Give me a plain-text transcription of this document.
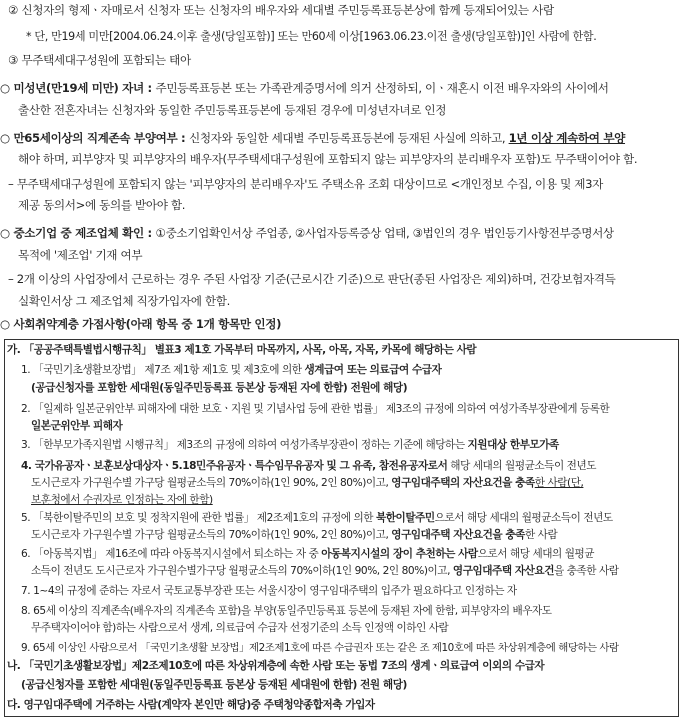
② 신청자의 형제ㆍ자매로서 신청자 또는 신청자의 배우자와 세대별 주민등록표등본상에 함께 등재되어있는 사람
* 단, 만19세 미만[2004.06.24.이후 출생(당일포함)] 또는 만60세 이상[1963.06.23.이전 출생(당일포함)]인 사람에 한함.
③ 무주택세대구성원에 포함되는 태아
○ 미성년(만19세 미만) 자녀 : 주민등록표등본 또는 가족관계증명서에 의거 산정하되, 이ㆍ재혼시 이전 배우자와의 사이에서
출산한 전혼자녀는 신청자와 동일한 주민등록표등본에 등재된 경우에 미성년자녀로 인정
○ 만65세이상의 직계존속 부양여부 : 신청자와 동일한 세대별 주민등록표등본에 등재된 사실에 의하고, 1년 이상 계속하여 부양
해야 하며, 피부양자 및 피부양자의 배우자(무주택세대구성원에 포함되지 않는 피부양자의 분리배우자 포함)도 무주택이어야 함.
– 무주택세대구성원에 포함되지 않는 '피부양자의 분리배우자'도 주택소유 조회 대상이므로 <개인정보 수집, 이용 및 제3자
제공 동의서>에 동의를 받아야 함.
○ 중소기업 중 제조업체 확인 : ①중소기업확인서상 주업종, ②사업자등록증상 업태, ③법인의 경우 법인등기사항전부증명서상
목적에 '제조업' 기재 여부
– 2개 이상의 사업장에서 근로하는 경우 주된 사업장 기준(근로시간 기준)으로 판단(종된 사업장은 제외)하며, 건강보험자격득
실확인서상 그 제조업체 직장가입자에 한함.
○ 사회취약계층 가점사항(아래 항목 중 1개 항목만 인정)
가. 「공공주택특별법시행규칙」 별표3 제1호 가목부터 마목까지, 사목, 아목, 자목, 카목에 해당하는 사람
1. 「국민기초생활보장법」 제7조 제1항 제1호 및 제3호에 의한 생계급여 또는 의료급여 수급자
(공급신청자를 포함한 세대원(동일주민등록표 등본상 등재된 자에 한함) 전원에 해당)
2. 「일제하 일본군위안부 피해자에 대한 보호ㆍ지원 및 기념사업 등에 관한 법률」 제3조의 규정에 의하여 여성가족부장관에게 등록한
일본군위안부 피해자
3. 「한부모가족지원법 시행규칙」 제3조의 규정에 의하여 여성가족부장관이 정하는 기준에 해당하는 지원대상 한부모가족
4. 국가유공자ㆍ보훈보상대상자ㆍ5.18민주유공자ㆍ특수임무유공자 및 그 유족, 참전유공자로서 해당 세대의 월평균소득이 전년도
도시근로자 가구원수별 가구당 월평균소득의 70%이하(1인 90%, 2인 80%)이고, 영구임대주택의 자산요건을 충족한 사람(단,
보훈청에서 수권자로 인정하는 자에 한함)
5. 「북한이탈주민의 보호 및 정착지원에 관한 법률」 제2조제1호의 규정에 의한 북한이탈주민으로서 해당 세대의 월평균소득이 전년도
도시근로자 가구원수별 가구당 월평균소득의 70%이하(1인 90%, 2인 80%)이고, 영구임대주택 자산요건을 충족한 사람
6. 「아동복지법」 제16조에 따라 아동복지시설에서 퇴소하는 자 중 아동복지시설의 장이 추천하는 사람으로서 해당 세대의 월평균
소득이 전년도 도시근로자 가구원수별가구당 월평균소득의 70%이하(1인 90%, 2인 80%)이고, 영구임대주택 자산요건을 충족한 사람
7. 1~4의 규정에 준하는 자로서 국토교통부장관 또는 서울시장이 영구임대주택의 입주가 필요하다고 인정하는 자
8. 65세 이상의 직계존속(배우자의 직계존속 포함)을 부양(동일주민등록표 등본에 등재된 자에 한함, 피부양자의 배우자도
무주택자이어야 함)하는 사람으로서 생계, 의료급여 수급자 선정기준의 소득 인정액 이하인 사람
9. 65세 이상인 사람으로서 「국민기초생활 보장법」제2조제1호에 따른 수급권자 또는 같은 조 제10호에 따른 차상위계층에 해당하는 사람
나. 「국민기초생활보장법」제2조제10호에 따른 차상위계층에 속한 사람 또는 동법 7조의 생계ㆍ의료급여 이외의 수급자
(공급신청자를 포함한 세대원(동일주민등록표 등본상 등재된 세대원에 한함) 전원 해당)
다. 영구임대주택에 거주하는 사람(계약자 본인만 해당)중 주택청약종합저축 가입자
